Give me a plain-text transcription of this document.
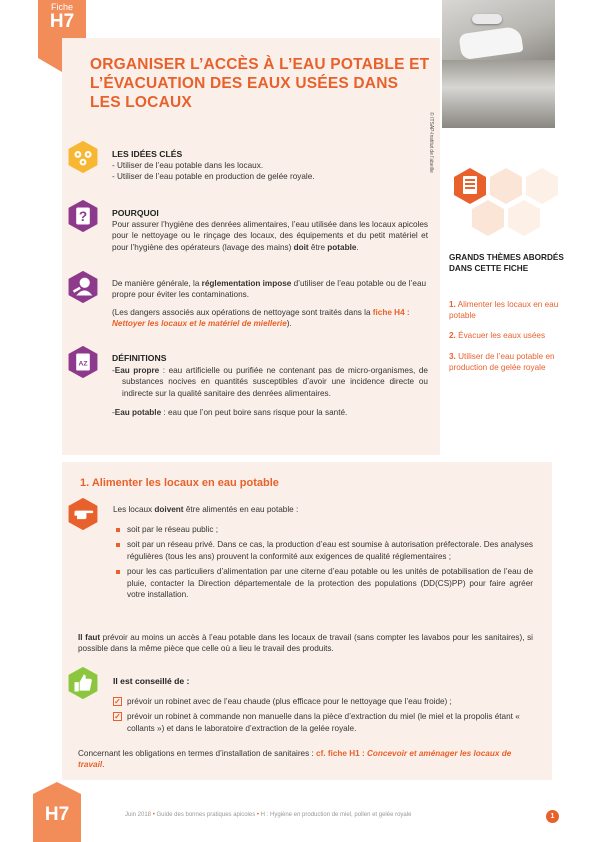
Fiche
H7
ORGANISER L’ACCÈS À L’EAU POTABLE ET L’ÉVACUATION DES EAUX USÉES DANS LES LOCAUX
© ITSAP-Institut de l'abeille
LES IDÉES CLÉS
- Utiliser de l’eau potable dans les locaux.
- Utiliser de l’eau potable en production de gelée royale.
?	POURQUOI

Pour assurer l’hygiène des denrées alimentaires, l’eau utilisée dans les locaux apicoles pour le nettoyage ou le rinçage des locaux, des équipements et du petit matériel et pour l’hygiène des opérateurs (lavage des mains) doit être potable.

De manière générale, la réglementation impose d’utiliser de l’eau potable ou de l’eau propre pour éviter les contaminations.

(Les dangers associés aux opérations de nettoyage sont traités dans la fiche H4 : Nettoyer les locaux et le matériel de miellerie).

AZ
DÉFINITIONS

-Eau propre : eau artificielle ou purifiée ne contenant pas de micro-organismes, de substances nocives en quantités susceptibles d’avoir une incidence directe ou indirecte sur la qualité sanitaire des denrées alimentaires.

-Eau potable : eau que l’on peut boire sans risque pour la santé.

GRANDS THÈMES ABORDÉS DANS CETTE FICHE
1. Alimenter les locaux en eau potable
2. Évacuer les eaux usées
3. Utiliser de l’eau potable en production de gelée royale
1. Alimenter les locaux en eau potable

Les locaux doivent être alimentés en eau potable :

soit par le réseau public ;
soit par un réseau privé. Dans ce cas, la production d’eau est soumise à autorisation préfectorale. Des analyses régulières (tous les ans) prouvent la conformité aux exigences de qualité réglementaires ;
pour les cas particuliers d’alimentation par une citerne d’eau potable ou les unités de potabilisation de l’eau de pluie, contacter la Direction départementale de la protection des populations (DD(CS)PP) pour faire agréer votre installation.

Il faut prévoir au moins un accès à l’eau potable dans les locaux de travail (sans compter les lavabos pour les sanitaires), si possible dans la même pièce que celle où a lieu le travail des produits.

Il est conseillé de :
✓ prévoir un robinet avec de l’eau chaude (plus efficace pour le nettoyage que l’eau froide) ;
✓ prévoir un robinet à commande non manuelle dans la pièce d’extraction du miel (le miel et la propolis étant « collants ») et dans le laboratoire d’extraction de la gelée royale.

Concernant les obligations en termes d’installation de sanitaires : cf. fiche H1 : Concevoir et aménager les locaux de travail.

H7	Juin 2018 • Guide des bonnes pratiques apicoles • H : Hygiène en production de miel, pollen et gelée royale	1
